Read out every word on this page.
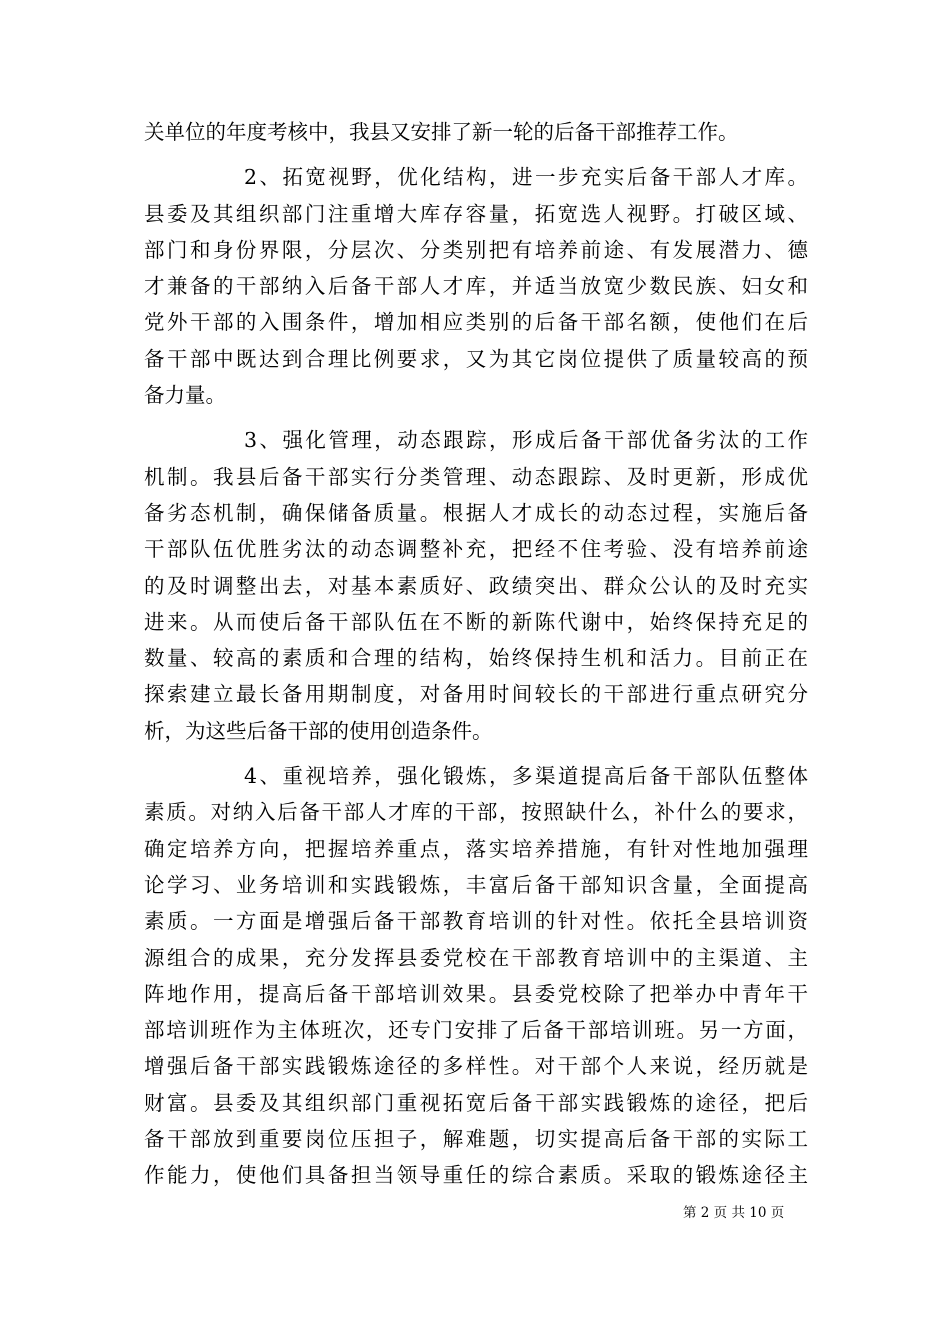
关单位的年度考核中，我县又安排了新一轮的后备干部推荐工作。
2、拓宽视野，优化结构，进一步充实后备干部人才库。
县委及其组织部门注重增大库存容量，拓宽选人视野。打破区域、
部门和身份界限，分层次、分类别把有培养前途、有发展潜力、德
才兼备的干部纳入后备干部人才库，并适当放宽少数民族、妇女和
党外干部的入围条件，增加相应类别的后备干部名额，使他们在后
备干部中既达到合理比例要求，又为其它岗位提供了质量较高的预
备力量。
3、强化管理，动态跟踪，形成后备干部优备劣汰的工作
机制。我县后备干部实行分类管理、动态跟踪、及时更新，形成优
备劣态机制，确保储备质量。根据人才成长的动态过程，实施后备
干部队伍优胜劣汰的动态调整补充，把经不住考验、没有培养前途
的及时调整出去，对基本素质好、政绩突出、群众公认的及时充实
进来。从而使后备干部队伍在不断的新陈代谢中，始终保持充足的
数量、较高的素质和合理的结构，始终保持生机和活力。目前正在
探索建立最长备用期制度，对备用时间较长的干部进行重点研究分
析，为这些后备干部的使用创造条件。
4、重视培养，强化锻炼，多渠道提高后备干部队伍整体
素质。对纳入后备干部人才库的干部，按照缺什么，补什么的要求，
确定培养方向，把握培养重点，落实培养措施，有针对性地加强理
论学习、业务培训和实践锻炼，丰富后备干部知识含量，全面提高
素质。一方面是增强后备干部教育培训的针对性。依托全县培训资
源组合的成果，充分发挥县委党校在干部教育培训中的主渠道、主
阵地作用，提高后备干部培训效果。县委党校除了把举办中青年干
部培训班作为主体班次，还专门安排了后备干部培训班。另一方面，
增强后备干部实践锻炼途径的多样性。对干部个人来说，经历就是
财富。县委及其组织部门重视拓宽后备干部实践锻炼的途径，把后
备干部放到重要岗位压担子，解难题，切实提高后备干部的实际工
作能力，使他们具备担当领导重任的综合素质。采取的锻炼途径主
第 2 页 共 10 页
